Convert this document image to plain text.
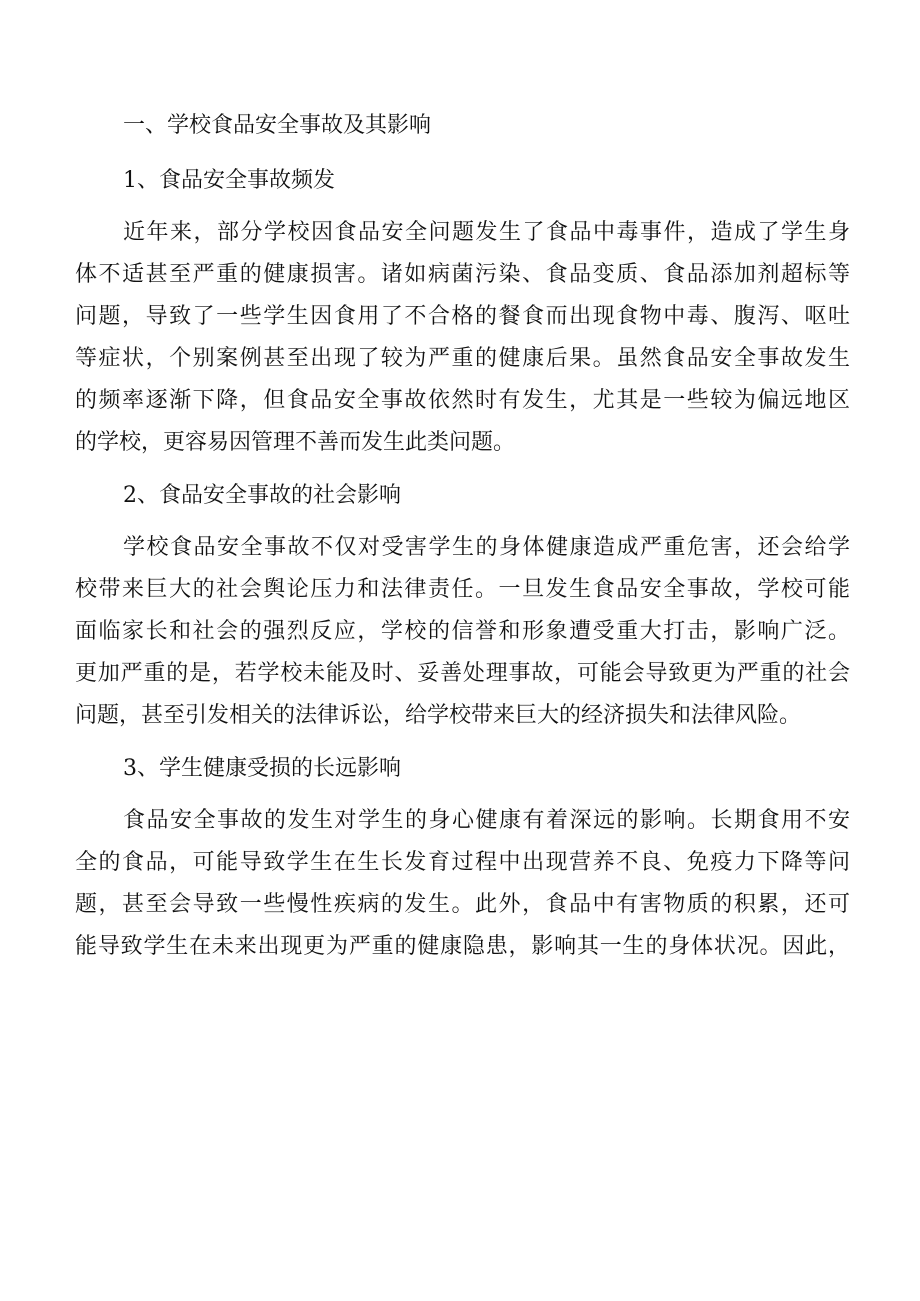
一、学校食品安全事故及其影响
1、食品安全事故频发
近年来，部分学校因食品安全问题发生了食品中毒事件，造成了学生身
体不适甚至严重的健康损害。诸如病菌污染、食品变质、食品添加剂超标等
问题，导致了一些学生因食用了不合格的餐食而出现食物中毒、腹泻、呕吐
等症状，个别案例甚至出现了较为严重的健康后果。虽然食品安全事故发生
的频率逐渐下降，但食品安全事故依然时有发生，尤其是一些较为偏远地区
的学校，更容易因管理不善而发生此类问题。
2、食品安全事故的社会影响
学校食品安全事故不仅对受害学生的身体健康造成严重危害，还会给学
校带来巨大的社会舆论压力和法律责任。一旦发生食品安全事故，学校可能
面临家长和社会的强烈反应，学校的信誉和形象遭受重大打击，影响广泛。
更加严重的是，若学校未能及时、妥善处理事故，可能会导致更为严重的社会
问题，甚至引发相关的法律诉讼，给学校带来巨大的经济损失和法律风险。
3、学生健康受损的长远影响
食品安全事故的发生对学生的身心健康有着深远的影响。长期食用不安
全的食品，可能导致学生在生长发育过程中出现营养不良、免疫力下降等问
题，甚至会导致一些慢性疾病的发生。此外，食品中有害物质的积累，还可
能导致学生在未来出现更为严重的健康隐患，影响其一生的身体状况。因此，
